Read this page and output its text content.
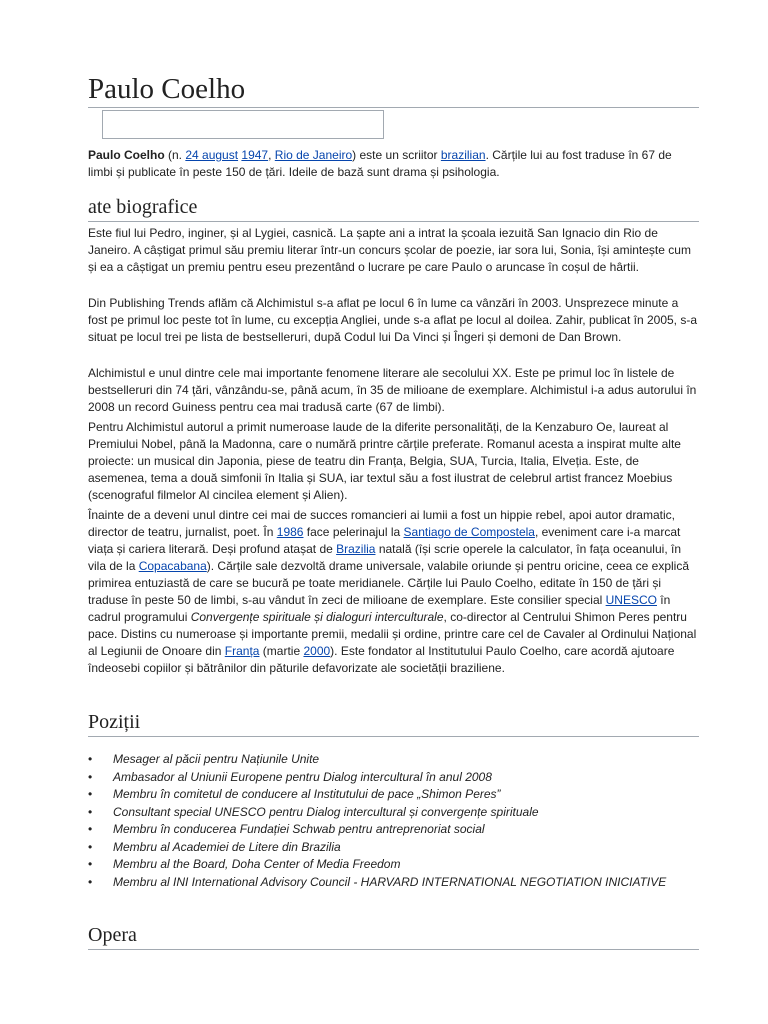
Paulo Coelho

Paulo Coelho (n. 24 august 1947, Rio de Janeiro) este un scriitor brazilian. Cărțile lui au fost traduse în 67 de limbi și publicate în peste 150 de țări. Ideile de bază sunt drama și psihologia.

ate biografice

Este fiul lui Pedro, inginer, și al Lygiei, casnică. La șapte ani a intrat la școala iezuită San Ignacio din Rio de Janeiro. A câștigat primul său premiu literar într-un concurs școlar de poezie, iar sora lui, Sonia, își amintește cum și ea a câștigat un premiu pentru eseu prezentând o lucrare pe care Paulo o aruncase în coșul de hârtii.

Din Publishing Trends aflăm că Alchimistul s-a aflat pe locul 6 în lume ca vânzări în 2003. Unsprezece minute a fost pe primul loc peste tot în lume, cu excepția Angliei, unde s-a aflat pe locul al doilea. Zahir, publicat în 2005, s-a situat pe locul trei pe lista de bestselleruri, după Codul lui Da Vinci și Îngeri și demoni de Dan Brown.

Alchimistul e unul dintre cele mai importante fenomene literare ale secolului XX. Este pe primul loc în listele de bestselleruri din 74 țări, vânzându-se, până acum, în 35 de milioane de exemplare. Alchimistul i-a adus autorului în 2008 un record Guiness pentru cea mai tradusă carte (67 de limbi).

Pentru Alchimistul autorul a primit numeroase laude de la diferite personalități, de la Kenzaburo Oe, laureat al Premiului Nobel, până la Madonna, care o numără printre cărțile preferate. Romanul acesta a inspirat multe alte proiecte: un musical din Japonia, piese de teatru din Franța, Belgia, SUA, Turcia, Italia, Elveția. Este, de asemenea, tema a două simfonii în Italia și SUA, iar textul său a fost ilustrat de celebrul artist francez Moebius (scenograful filmelor Al cincilea element și Alien).

Înainte de a deveni unul dintre cei mai de succes romancieri ai lumii a fost un hippie rebel, apoi autor dramatic, director de teatru, jurnalist, poet. În 1986 face pelerinajul la Santiago de Compostela, eveniment care i-a marcat viața și cariera literară. Deși profund atașat de Brazilia natală (își scrie operele la calculator, în fața oceanului, în vila de la Copacabana). Cărțile sale dezvoltă drame universale, valabile oriunde și pentru oricine, ceea ce explică primirea entuziastă de care se bucură pe toate meridianele. Cărțile lui Paulo Coelho, editate în 150 de țări și traduse în peste 50 de limbi, s-au vândut în zeci de milioane de exemplare. Este consilier special UNESCO în cadrul programului Convergențe spirituale și dialoguri interculturale, co-director al Centrului Shimon Peres pentru pace. Distins cu numeroase și importante premii, medalii și ordine, printre care cel de Cavaler al Ordinului Național al Legiunii de Onoare din Franța (martie 2000). Este fondator al Institutului Paulo Coelho, care acordă ajutoare îndeosebi copiilor și bătrânilor din păturile defavorizate ale societății braziliene.

Poziții
• Mesager al păcii pentru Națiunile Unite
• Ambasador al Uniunii Europene pentru Dialog intercultural în anul 2008
• Membru în comitetul de conducere al Institutului de pace „Shimon Peres”
• Consultant special UNESCO pentru Dialog intercultural și convergențe spirituale
• Membru în conducerea Fundației Schwab pentru antreprenoriat social
• Membru al Academiei de Litere din Brazilia
• Membru al the Board, Doha Center of Media Freedom
• Membru al INI International Advisory Council - HARVARD INTERNATIONAL NEGOTIATION INICIATIVE
Opera
